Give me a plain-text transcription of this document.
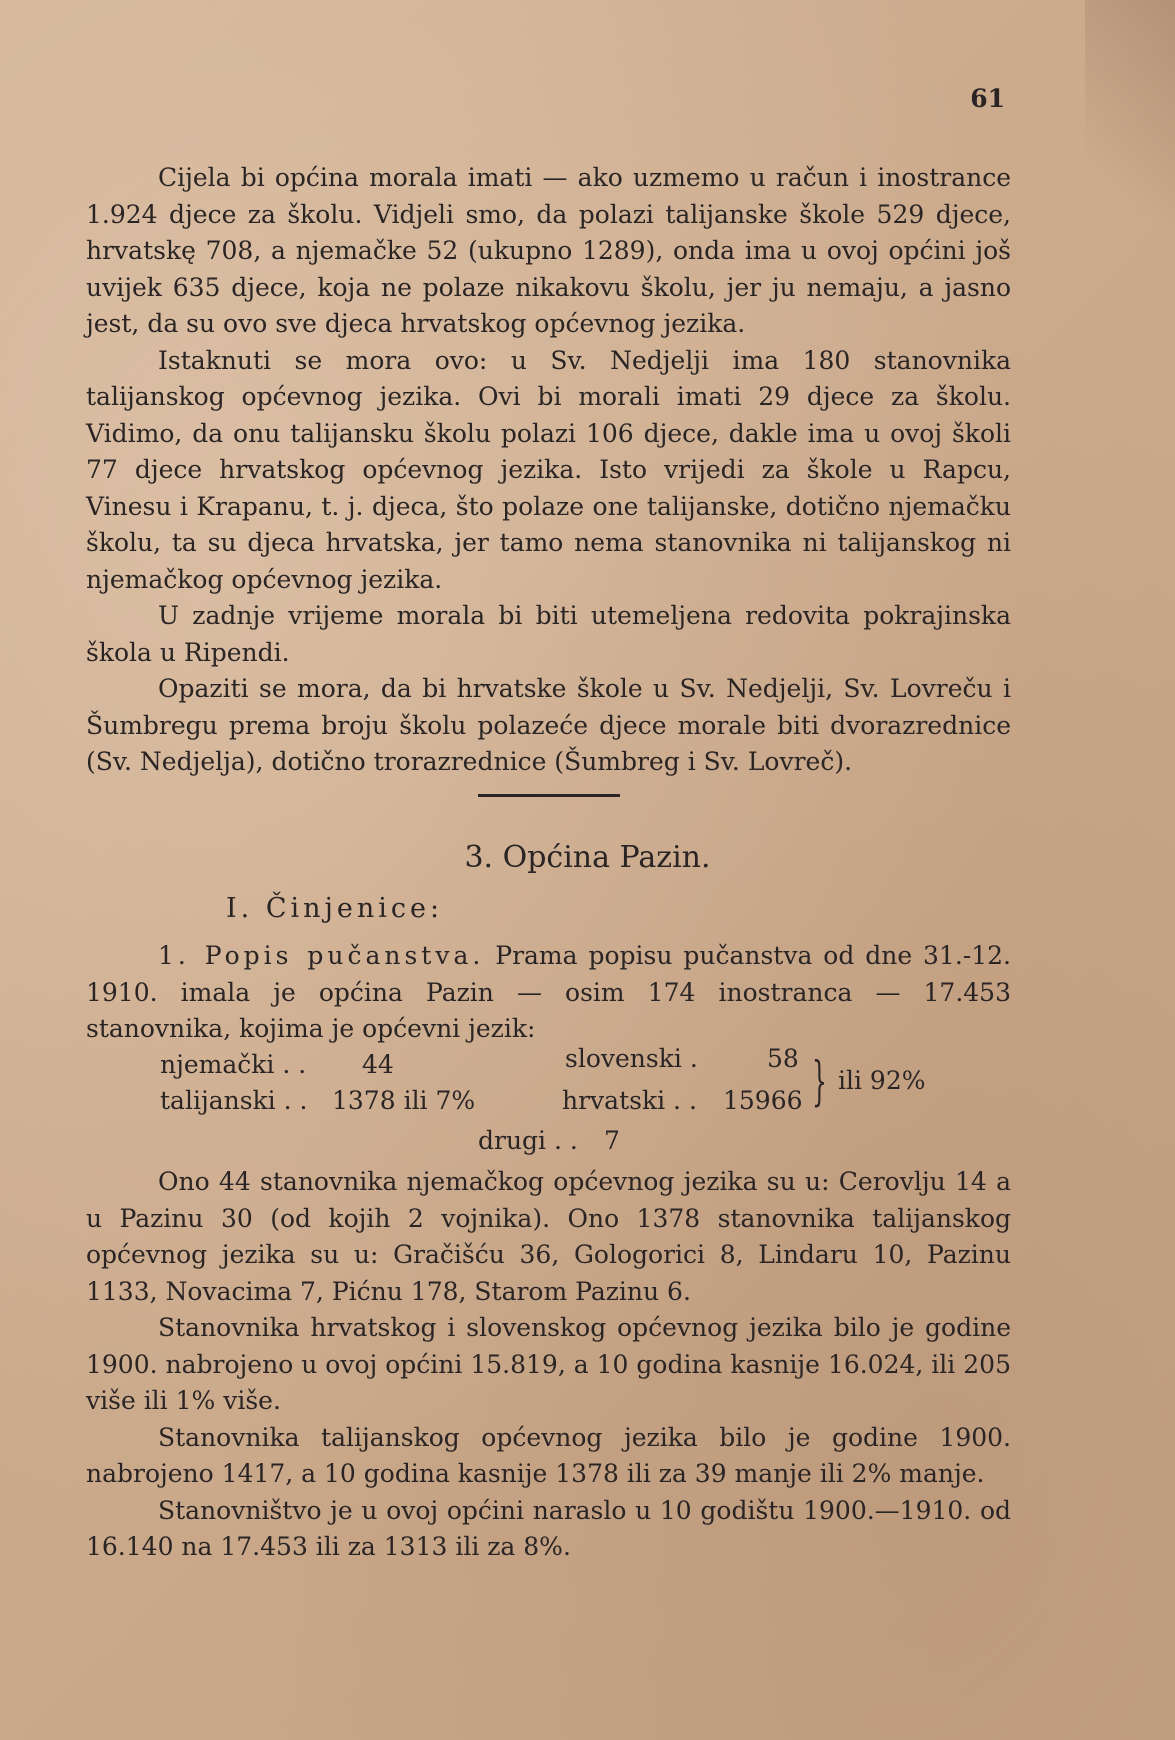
61

Cijela bi općina morala imati — ako uzmemo u račun i inostrance 1.924 djece za školu. Vidjeli smo, da polazi talijanske škole 529 djece, hrvatskę 708, a njemačke 52 (ukupno 1289), onda ima u ovoj općini još uvijek 635 djece, koja ne polaze nikakovu školu, jer ju nemaju, a jasno jest, da su ovo sve djeca hrvatskog općevnog jezika.

Istaknuti se mora ovo: u Sv. Nedjelji ima 180 stanovnika talijanskog općevnog jezika. Ovi bi morali imati 29 djece za školu. Vidimo, da onu talijansku školu polazi 106 djece, dakle ima u ovoj školi 77 djece hrvatskog općevnog jezika. Isto vrijedi za škole u Rapcu, Vinesu i Krapanu, t. j. djeca, što polaze one talijanske, dotično njemačku školu, ta su djeca hrvatska, jer tamo nema stanovnika ni talijanskog ni njemačkog općevnog jezika.

U zadnje vrijeme morala bi biti utemeljena redovita pokrajinska škola u Ripendi.

Opaziti se mora, da bi hrvatske škole u Sv. Nedjelji, Sv. Lovreču i Šumbregu prema broju školu polazeće djece morale biti dvorazrednice (Sv. Nedjelja), dotično trorazrednice (Šumbreg i Sv. Lovreč).

3. Općina Pazin.
I. Činjenice:

1. Popis pučanstva. Prama popisu pučanstva od dne 31.-12. 1910. imala je općina Pazin — osim 174 inostranca — 17.453 stanovnika, kojima je općevni jezik:

njemački . . 44
talijanski . . 1378 ili 7%
slovenski .	58
hrvatski . . 15966 } ili 92%
drugi . . 7

Ono 44 stanovnika njemačkog općevnog jezika su u: Cerovlju 14 a u Pazinu 30 (od kojih 2 vojnika). Ono 1378 stanovnika talijanskog općevnog jezika su u: Gračišću 36, Gologorici 8, Lindaru 10, Pazinu 1133, Novacima 7, Pićnu 178, Starom Pazinu 6.

Stanovnika hrvatskog i slovenskog općevnog jezika bilo je godine 1900. nabrojeno u ovoj općini 15.819, a 10 godina kasnije 16.024, ili 205 više ili 1% više.

Stanovnika talijanskog općevnog jezika bilo je godine 1900. nabrojeno 1417, a 10 godina kasnije 1378 ili za 39 manje ili 2% manje.

Stanovništvo je u ovoj općini naraslo u 10 godištu 1900.—1910. od 16.140 na 17.453 ili za 1313 ili za 8%.
